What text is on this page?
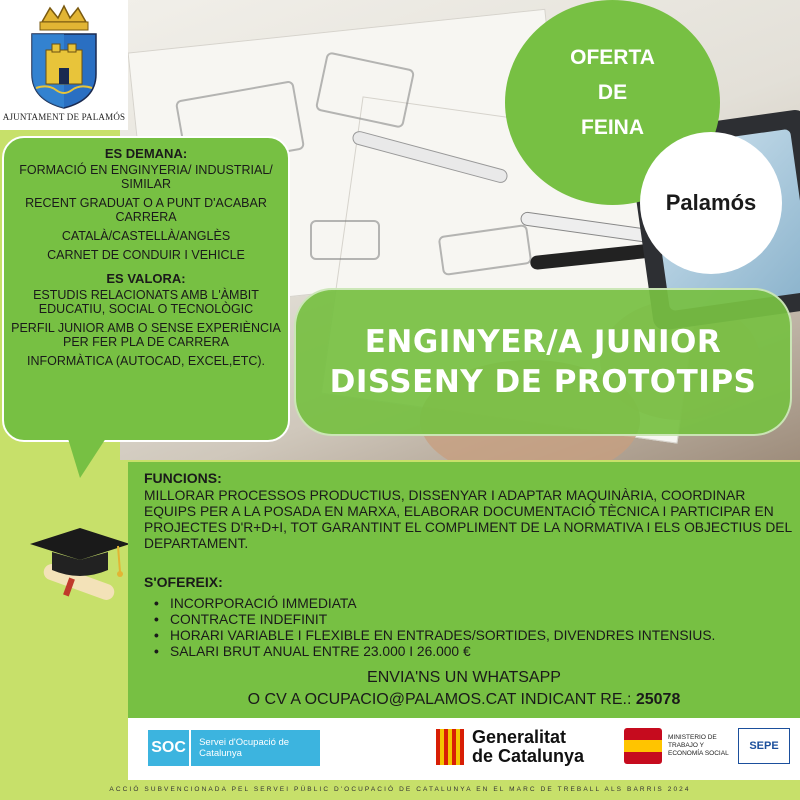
AJUNTAMENT DE PALAMÓS
OFERTA
DE
FEINA
Palamós
ES DEMANA:
FORMACIÓ EN ENGINYERIA/ INDUSTRIAL/ SIMILAR
RECENT GRADUAT O A PUNT D'ACABAR CARRERA
CATALÀ/CASTELLÀ/ANGLÈS
CARNET DE CONDUIR I VEHICLE
ES VALORA:
ESTUDIS RELACIONATS AMB L'ÀMBIT EDUCATIU, SOCIAL O TECNOLÒGIC
PERFIL JUNIOR AMB O SENSE EXPERIÈNCIA PER FER PLA DE CARRERA
INFORMÀTICA (AUTOCAD, EXCEL,ETC).
ENGINYER/A JUNIOR
DISSENY DE PROTOTIPS
FUNCIONS:
MILLORAR PROCESSOS PRODUCTIUS, DISSENYAR I ADAPTAR MAQUINÀRIA, COORDINAR EQUIPS PER A LA POSADA EN MARXA, ELABORAR DOCUMENTACIÓ TÈCNICA I PARTICIPAR EN PROJECTES D'R+D+I, TOT GARANTINT EL COMPLIMENT DE LA NORMATIVA I ELS OBJECTIUS DEL DEPARTAMENT.
S'OFEREIX:
• INCORPORACIÓ IMMEDIATA
• CONTRACTE INDEFINIT
• HORARI VARIABLE I FLEXIBLE EN ENTRADES/SORTIDES, DIVENDRES INTENSIUS.
• SALARI BRUT ANUAL ENTRE 23.000 I 26.000 €
ENVIA'NS UN WHATSAPP
O CV A OCUPACIO@PALAMOS.CAT INDICANT RE.: 25078
SOC	Servei d'Ocupació de Catalunya
Generalitat
de Catalunya
MINISTERIO DE TRABAJO Y ECONOMÍA SOCIAL
SEPE
ACCIÓ SUBVENCIONADA PEL SERVEI PÚBLIC D'OCUPACIÓ DE CATALUNYA EN EL MARC DE TREBALL ALS BARRIS 2024
